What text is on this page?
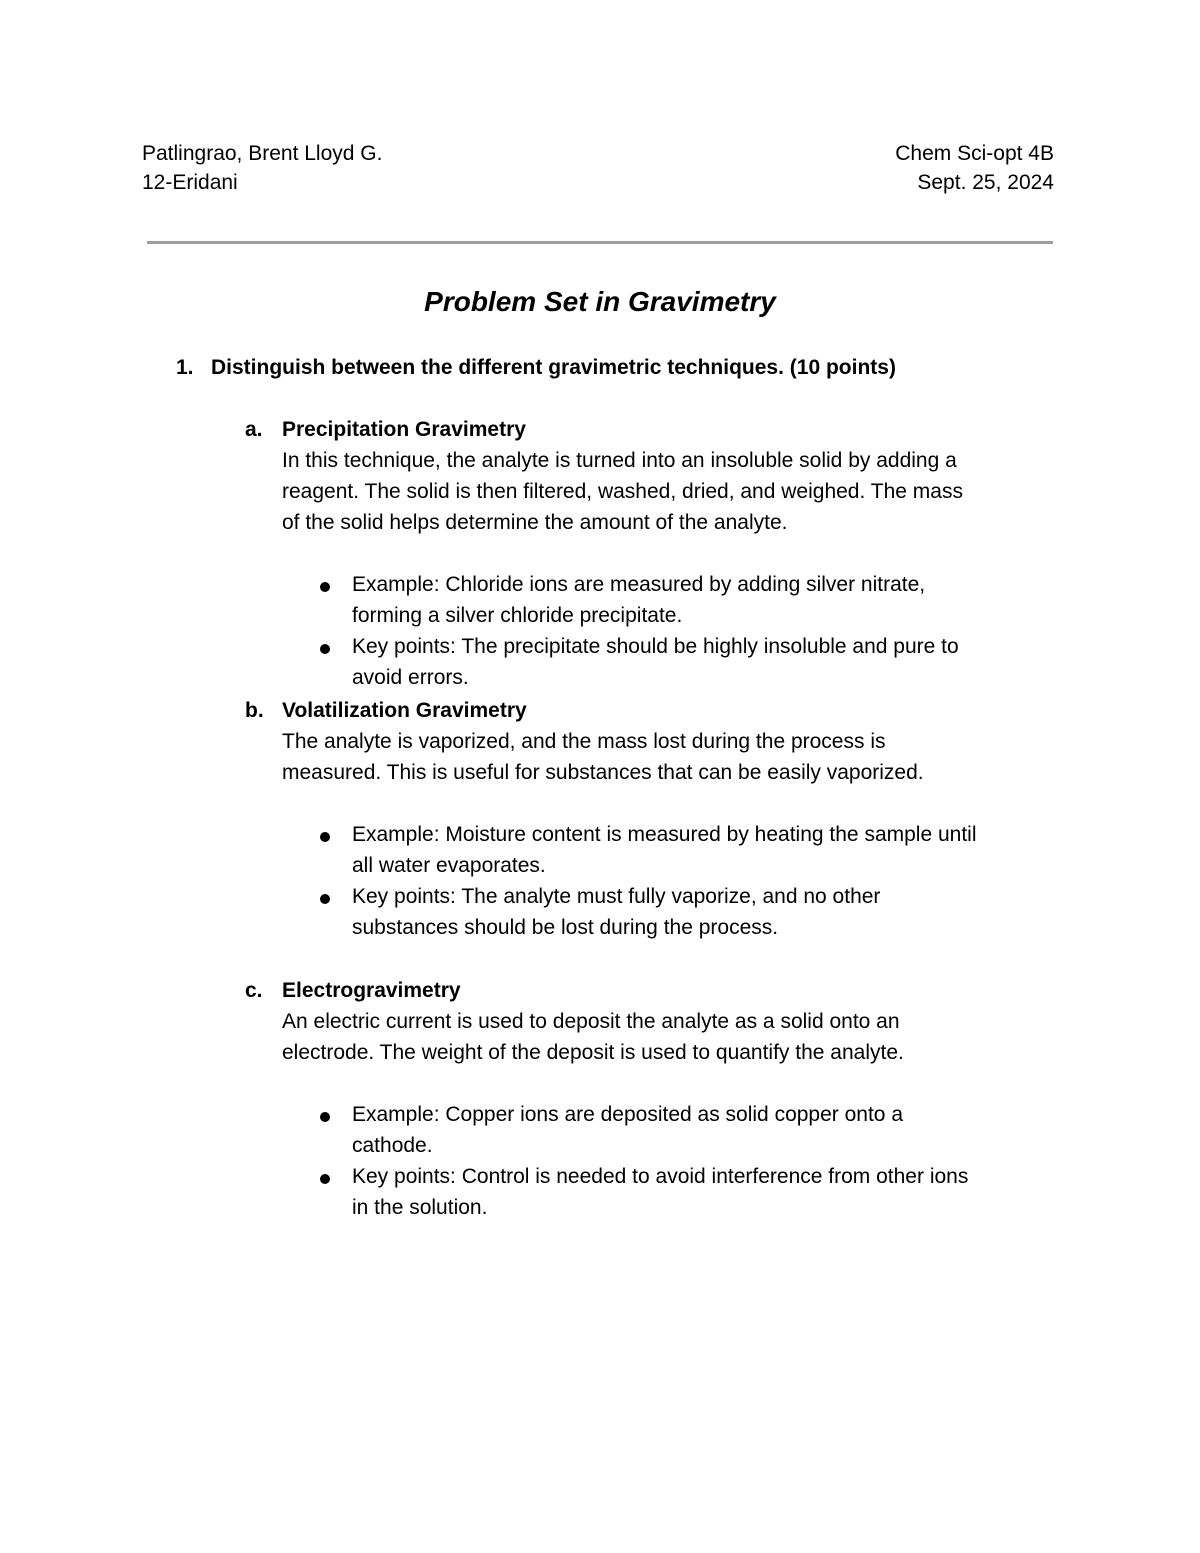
Patlingrao, Brent Lloyd G.
12-Eridani
Chem Sci-opt 4B
Sept. 25, 2024
Problem Set in Gravimetry
1. Distinguish between the different gravimetric techniques. (10 points)
a. Precipitation Gravimetry
In this technique, the analyte is turned into an insoluble solid by adding a
reagent. The solid is then filtered, washed, dried, and weighed. The mass
of the solid helps determine the amount of the analyte.
Example: Chloride ions are measured by adding silver nitrate,
forming a silver chloride precipitate.
Key points: The precipitate should be highly insoluble and pure to
avoid errors.
b. Volatilization Gravimetry
The analyte is vaporized, and the mass lost during the process is
measured. This is useful for substances that can be easily vaporized.
Example: Moisture content is measured by heating the sample until
all water evaporates.
Key points: The analyte must fully vaporize, and no other
substances should be lost during the process.
c. Electrogravimetry
An electric current is used to deposit the analyte as a solid onto an
electrode. The weight of the deposit is used to quantify the analyte.
Example: Copper ions are deposited as solid copper onto a
cathode.
Key points: Control is needed to avoid interference from other ions
in the solution.
